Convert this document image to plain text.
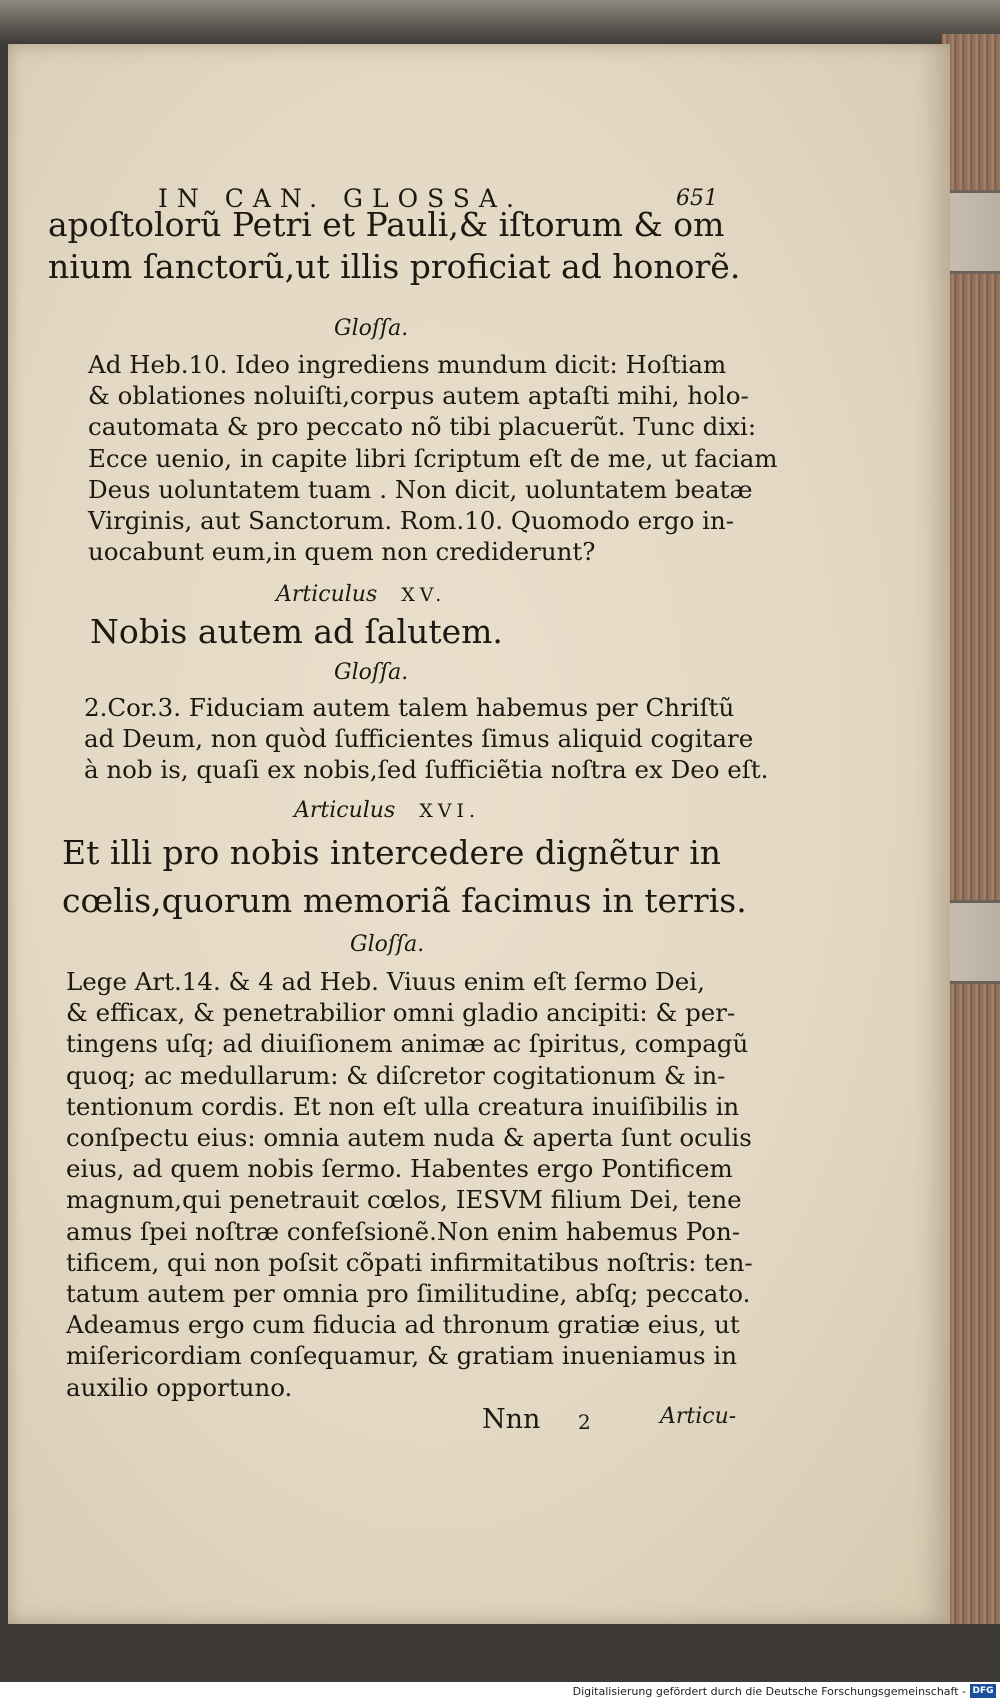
IN CAN. GLOSSA.	651
apoſtolorũ Petri et Pauli,& iſtorum & om
nium ſanctorũ,ut illis proficiat ad honorẽ.
Gloſſa.
Ad Heb.10. Ideo ingrediens mundum dicit: Hoſtiam
& oblationes noluiſti,corpus autem aptaſti mihi, holo-
cautomata & pro peccato nõ tibi placuerũt. Tunc dixi:
Ecce uenio, in capite libri ſcriptum eſt de me, ut faciam
Deus uoluntatem tuam . Non dicit, uoluntatem beatæ
Virginis, aut Sanctorum. Rom.10. Quomodo ergo in-
uocabunt eum,in quem non crediderunt?
Articulus XV.
Nobis autem ad ſalutem.
Gloſſa.
2.Cor.3. Fiduciam autem talem habemus per Chriſtũ
ad Deum, non quòd ſufficientes ſimus aliquid cogitare
à nob is, quaſi ex nobis,ſed ſufficiẽtia noſtra ex Deo eſt.
Articulus XVI.
Et illi pro nobis intercedere dignẽtur in
cœlis,quorum memoriã facimus in terris.
Gloſſa.
Lege Art.14. & 4 ad Heb. Viuus enim eſt ſermo Dei,
& efficax, & penetrabilior omni gladio ancipiti: & per-
tingens uſq; ad diuiſionem animæ ac ſpiritus, compagũ
quoq; ac medullarum: & diſcretor cogitationum & in-
tentionum cordis. Et non eſt ulla creatura inuiſibilis in
conſpectu eius: omnia autem nuda & aperta ſunt oculis
eius, ad quem nobis ſermo. Habentes ergo Pontificem
magnum,qui penetrauit cœlos, IESVM filium Dei, tene
amus ſpei noſtræ confeſsionẽ.Non enim habemus Pon-
tificem, qui non poſsit cõpati infirmitatibus noſtris: ten-
tatum autem per omnia pro ſimilitudine, abſq; peccato.
Adeamus ergo cum fiducia ad thronum gratiæ eius, ut
miſericordiam conſequamur, & gratiam inueniamus in
auxilio opportuno.
Nnn 2	Articu-
Digitalisierung gefördert durch die Deutsche Forschungsgemeinschaft - DFG
